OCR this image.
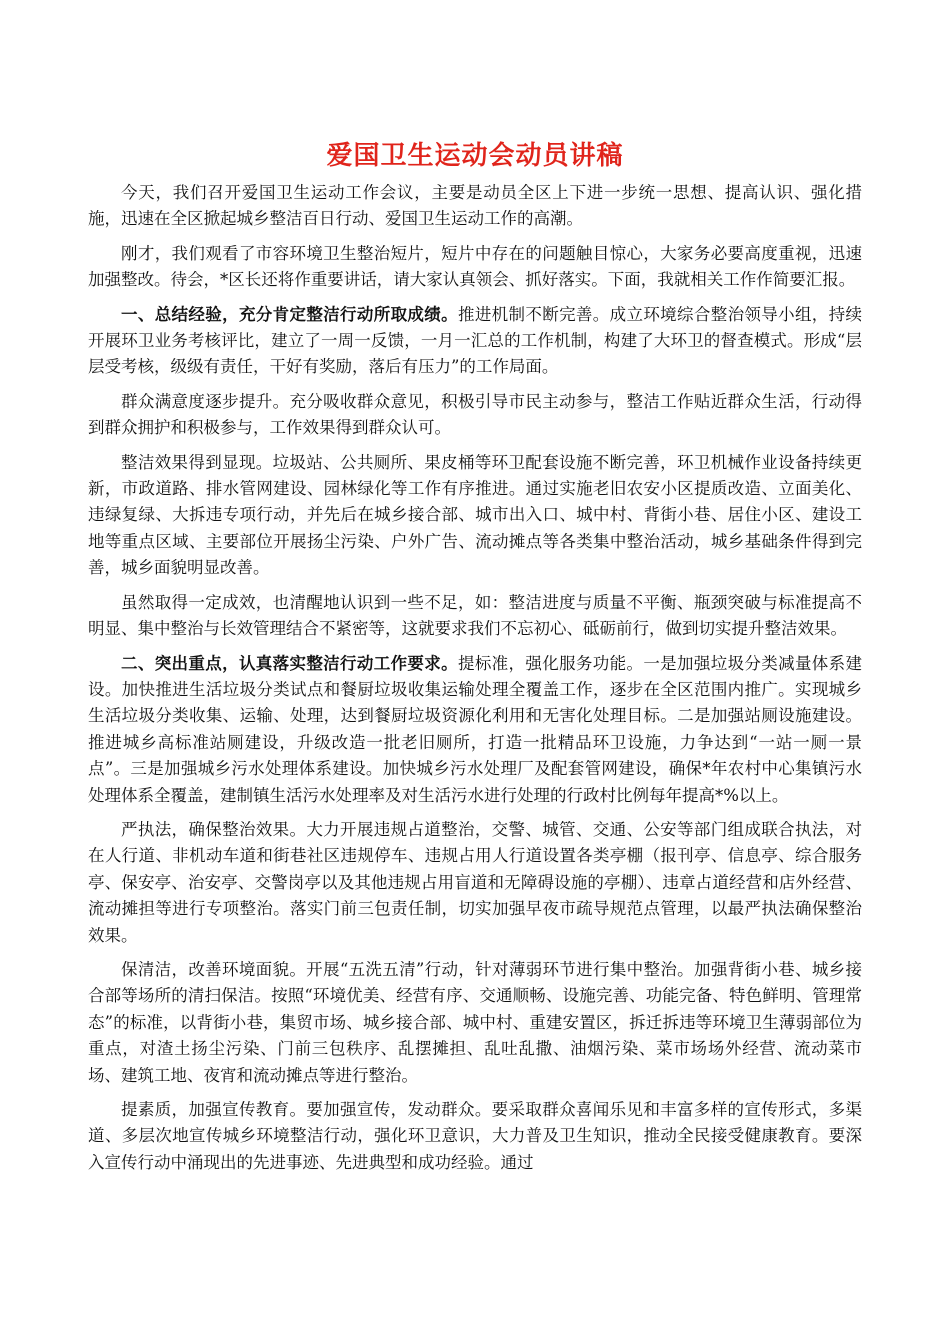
爱国卫生运动会动员讲稿

今天，我们召开爱国卫生运动工作会议，主要是动员全区上下进一步统一思想、提高认识、强化措施，迅速在全区掀起城乡整洁百日行动、爱国卫生运动工作的高潮。

刚才，我们观看了市容环境卫生整治短片，短片中存在的问题触目惊心，大家务必要高度重视，迅速加强整改。待会，*区长还将作重要讲话，请大家认真领会、抓好落实。下面，我就相关工作作简要汇报。

一、总结经验，充分肯定整洁行动所取成绩。推进机制不断完善。成立环境综合整治领导小组，持续开展环卫业务考核评比，建立了一周一反馈，一月一汇总的工作机制，构建了大环卫的督查模式。形成“层层受考核，级级有责任，干好有奖励，落后有压力”的工作局面。

群众满意度逐步提升。充分吸收群众意见，积极引导市民主动参与，整洁工作贴近群众生活，行动得到群众拥护和积极参与，工作效果得到群众认可。

整洁效果得到显现。垃圾站、公共厕所、果皮桶等环卫配套设施不断完善，环卫机械作业设备持续更新，市政道路、排水管网建设、园林绿化等工作有序推进。通过实施老旧农安小区提质改造、立面美化、违绿复绿、大拆违专项行动，并先后在城乡接合部、城市出入口、城中村、背街小巷、居住小区、建设工地等重点区域、主要部位开展扬尘污染、户外广告、流动摊点等各类集中整治活动，城乡基础条件得到完善，城乡面貌明显改善。

虽然取得一定成效，也清醒地认识到一些不足，如：整洁进度与质量不平衡、瓶颈突破与标准提高不明显、集中整治与长效管理结合不紧密等，这就要求我们不忘初心、砥砺前行，做到切实提升整洁效果。

二、突出重点，认真落实整洁行动工作要求。提标准，强化服务功能。一是加强垃圾分类减量体系建设。加快推进生活垃圾分类试点和餐厨垃圾收集运输处理全覆盖工作，逐步在全区范围内推广。实现城乡生活垃圾分类收集、运输、处理，达到餐厨垃圾资源化利用和无害化处理目标。二是加强站厕设施建设。推进城乡高标准站厕建设，升级改造一批老旧厕所，打造一批精品环卫设施，力争达到“一站一厕一景点”。三是加强城乡污水处理体系建设。加快城乡污水处理厂及配套管网建设，确保*年农村中心集镇污水处理体系全覆盖，建制镇生活污水处理率及对生活污水进行处理的行政村比例每年提高*%以上。

严执法，确保整治效果。大力开展违规占道整治，交警、城管、交通、公安等部门组成联合执法，对在人行道、非机动车道和街巷社区违规停车、违规占用人行道设置各类亭棚（报刊亭、信息亭、综合服务亭、保安亭、治安亭、交警岗亭以及其他违规占用盲道和无障碍设施的亭棚）、违章占道经营和店外经营、流动摊担等进行专项整治。落实门前三包责任制，切实加强早夜市疏导规范点管理，以最严执法确保整治效果。

保清洁，改善环境面貌。开展“五洗五清”行动，针对薄弱环节进行集中整治。加强背街小巷、城乡接合部等场所的清扫保洁。按照“环境优美、经营有序、交通顺畅、设施完善、功能完备、特色鲜明、管理常态”的标准，以背街小巷，集贸市场、城乡接合部、城中村、重建安置区，拆迁拆违等环境卫生薄弱部位为重点，对渣土扬尘污染、门前三包秩序、乱摆摊担、乱吐乱撒、油烟污染、菜市场场外经营、流动菜市场、建筑工地、夜宵和流动摊点等进行整治。

提素质，加强宣传教育。要加强宣传，发动群众。要采取群众喜闻乐见和丰富多样的宣传形式，多渠道、多层次地宣传城乡环境整洁行动，强化环卫意识，大力普及卫生知识，推动全民接受健康教育。要深入宣传行动中涌现出的先进事迹、先进典型和成功经验。通过
